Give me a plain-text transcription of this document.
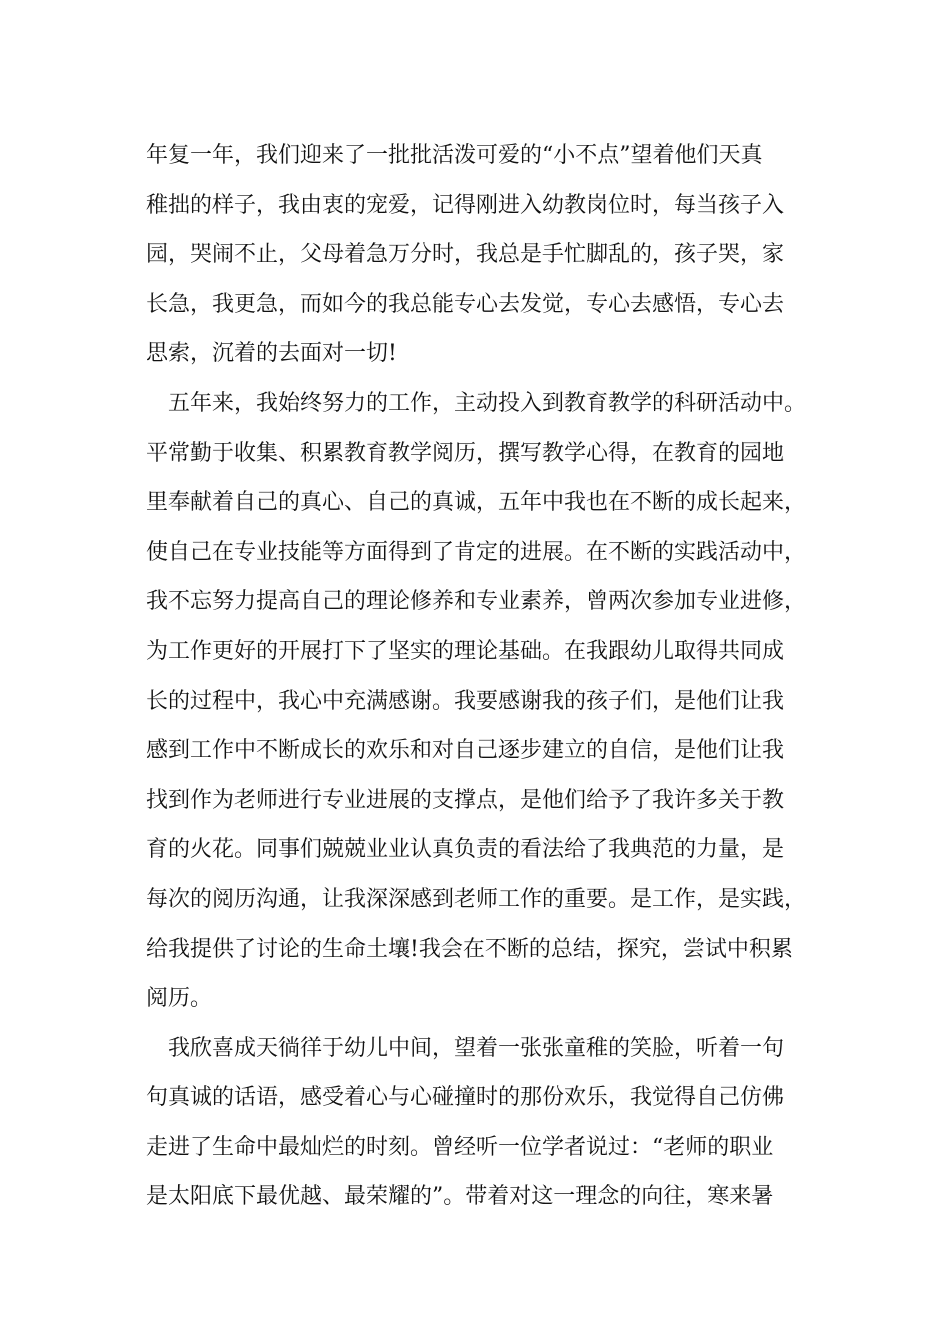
年复一年，我们迎来了一批批活泼可爱的“小不点”望着他们天真
稚拙的样子，我由衷的宠爱，记得刚进入幼教岗位时，每当孩子入
园，哭闹不止，父母着急万分时，我总是手忙脚乱的，孩子哭，家
长急，我更急，而如今的我总能专心去发觉，专心去感悟，专心去
思索，沉着的去面对一切!
五年来，我始终努力的工作，主动投入到教育教学的科研活动中。
平常勤于收集、积累教育教学阅历，撰写教学心得，在教育的园地
里奉献着自己的真心、自己的真诚，五年中我也在不断的成长起来，
使自己在专业技能等方面得到了肯定的进展。在不断的实践活动中，
我不忘努力提高自己的理论修养和专业素养，曾两次参加专业进修，
为工作更好的开展打下了坚实的理论基础。在我跟幼儿取得共同成
长的过程中，我心中充满感谢。我要感谢我的孩子们，是他们让我
感到工作中不断成长的欢乐和对自己逐步建立的自信，是他们让我
找到作为老师进行专业进展的支撑点，是他们给予了我许多关于教
育的火花。同事们兢兢业业认真负责的看法给了我典范的力量，是
每次的阅历沟通，让我深深感到老师工作的重要。是工作，是实践，
给我提供了讨论的生命土壤!我会在不断的总结，探究，尝试中积累
阅历。
我欣喜成天徜徉于幼儿中间，望着一张张童稚的笑脸，听着一句
句真诚的话语，感受着心与心碰撞时的那份欢乐，我觉得自己仿佛
走进了生命中最灿烂的时刻。曾经听一位学者说过：“老师的职业
是太阳底下最优越、最荣耀的”。带着对这一理念的向往，寒来暑
